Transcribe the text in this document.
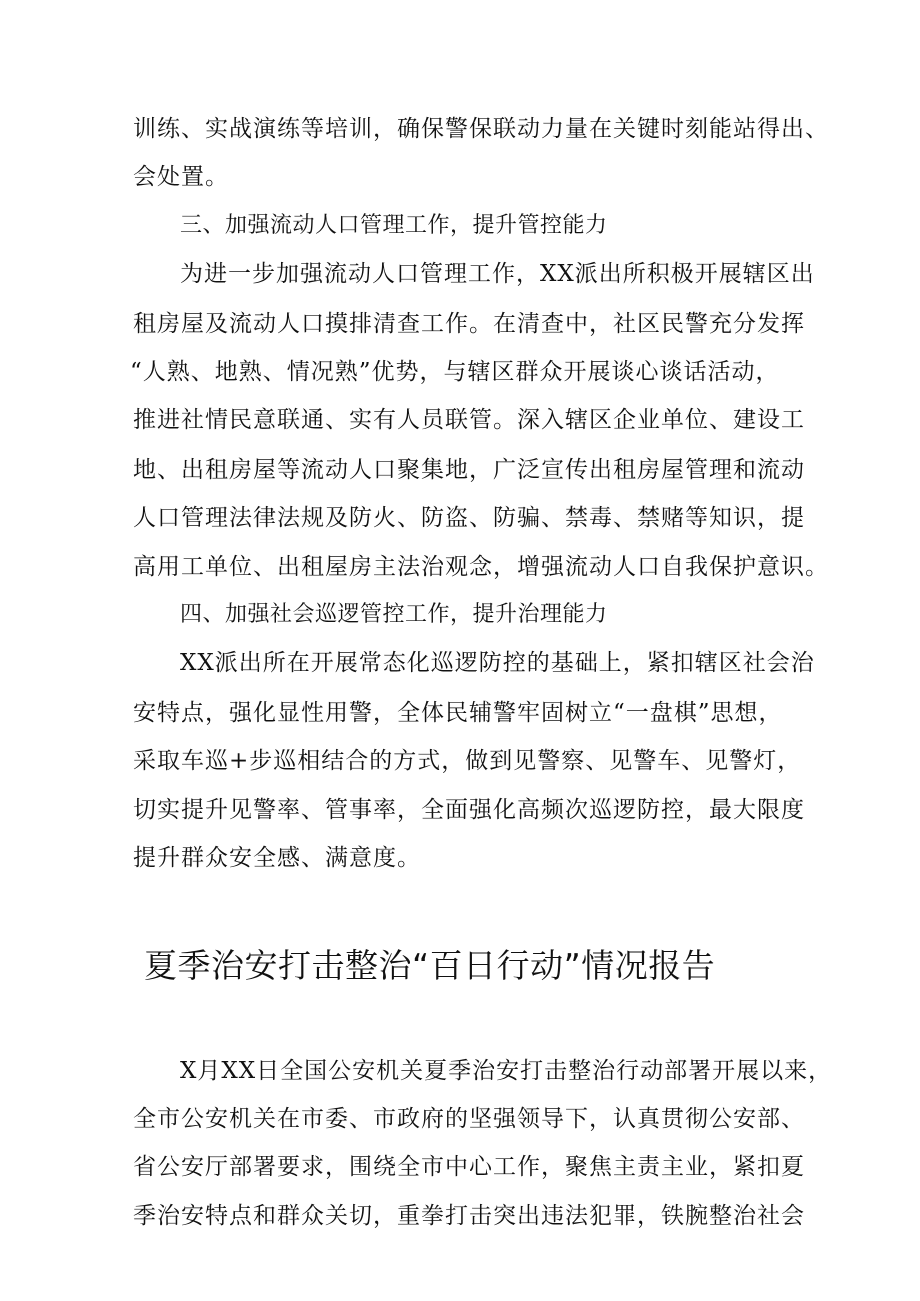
训练、实战演练等培训，确保警保联动力量在关键时刻能站得出、
会处置。
三、加强流动人口管理工作，提升管控能力
为进一步加强流动人口管理工作，XX派出所积极开展辖区出
租房屋及流动人口摸排清查工作。在清查中，社区民警充分发挥
“人熟、地熟、情况熟”优势，与辖区群众开展谈心谈话活动，
推进社情民意联通、实有人员联管。深入辖区企业单位、建设工
地、出租房屋等流动人口聚集地，广泛宣传出租房屋管理和流动
人口管理法律法规及防火、防盗、防骗、禁毒、禁赌等知识，提
高用工单位、出租屋房主法治观念，增强流动人口自我保护意识。
四、加强社会巡逻管控工作，提升治理能力
XX派出所在开展常态化巡逻防控的基础上，紧扣辖区社会治
安特点，强化显性用警，全体民辅警牢固树立“一盘棋”思想，
采取车巡+步巡相结合的方式，做到见警察、见警车、见警灯，
切实提升见警率、管事率，全面强化高频次巡逻防控，最大限度
提升群众安全感、满意度。
夏季治安打击整治“百日行动”情况报告
X月XX日全国公安机关夏季治安打击整治行动部署开展以来，
全市公安机关在市委、市政府的坚强领导下，认真贯彻公安部、
省公安厅部署要求，围绕全市中心工作，聚焦主责主业，紧扣夏
季治安特点和群众关切，重拳打击突出违法犯罪，铁腕整治社会
